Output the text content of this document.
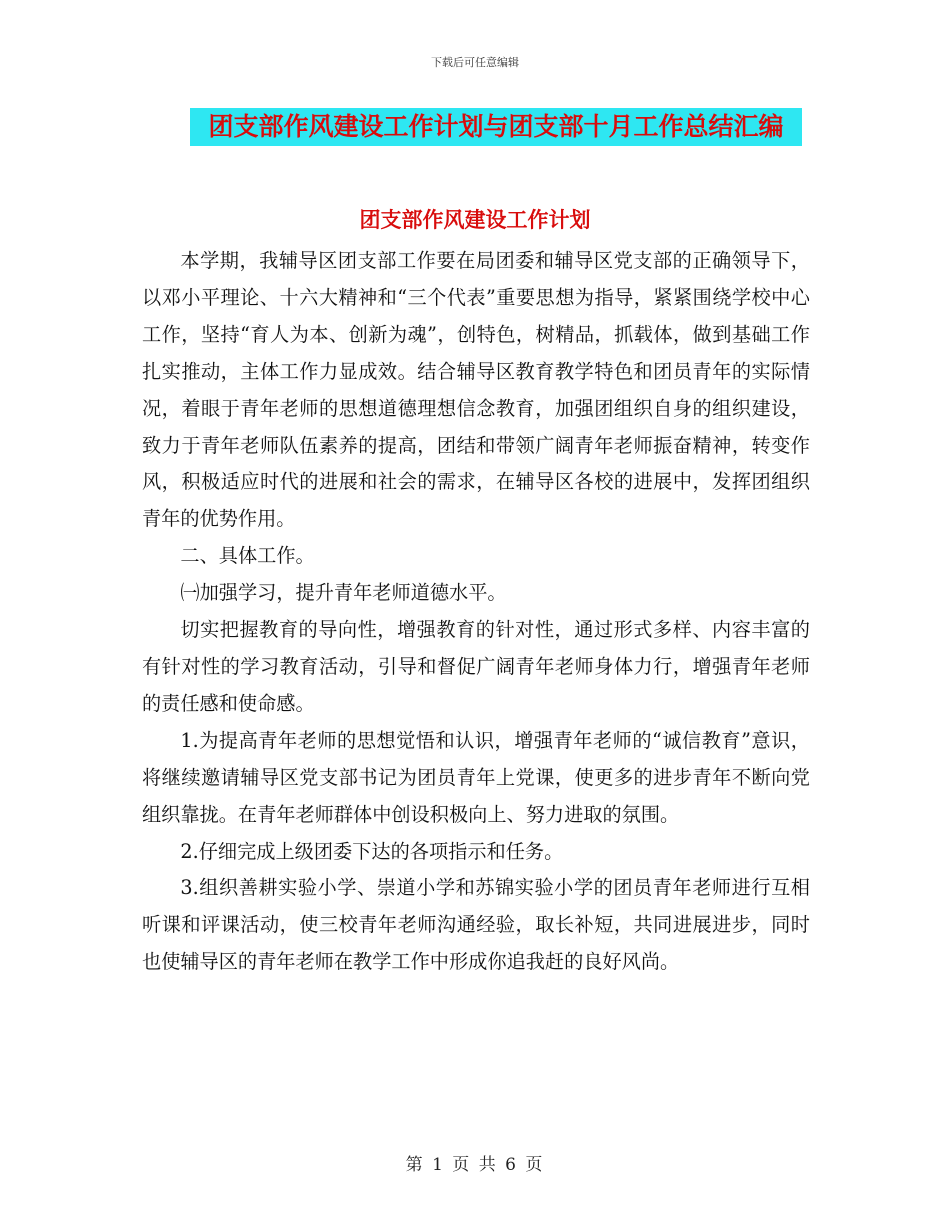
下载后可任意编辑
团支部作风建设工作计划与团支部十月工作总结汇编
团支部作风建设工作计划

本学期，我辅导区团支部工作要在局团委和辅导区党支部的正确领导下，以邓小平理论、十六大精神和“三个代表”重要思想为指导，紧紧围绕学校中心工作，坚持“育人为本、创新为魂”，创特色，树精品，抓载体，做到基础工作扎实推动，主体工作力显成效。结合辅导区教育教学特色和团员青年的实际情况，着眼于青年老师的思想道德理想信念教育，加强团组织自身的组织建设，致力于青年老师队伍素养的提高，团结和带领广阔青年老师振奋精神，转变作风，积极适应时代的进展和社会的需求，在辅导区各校的进展中，发挥团组织青年的优势作用。

二、具体工作。

㈠加强学习，提升青年老师道德水平。

切实把握教育的导向性，增强教育的针对性，通过形式多样、内容丰富的有针对性的学习教育活动，引导和督促广阔青年老师身体力行，增强青年老师的责任感和使命感。

1.为提高青年老师的思想觉悟和认识，增强青年老师的“诚信教育”意识，将继续邀请辅导区党支部书记为团员青年上党课，使更多的进步青年不断向党组织靠拢。在青年老师群体中创设积极向上、努力进取的氛围。

2.仔细完成上级团委下达的各项指示和任务。

3.组织善耕实验小学、崇道小学和苏锦实验小学的团员青年老师进行互相听课和评课活动，使三校青年老师沟通经验，取长补短，共同进展进步，同时也使辅导区的青年老师在教学工作中形成你追我赶的良好风尚。

第 1 页 共 6 页
